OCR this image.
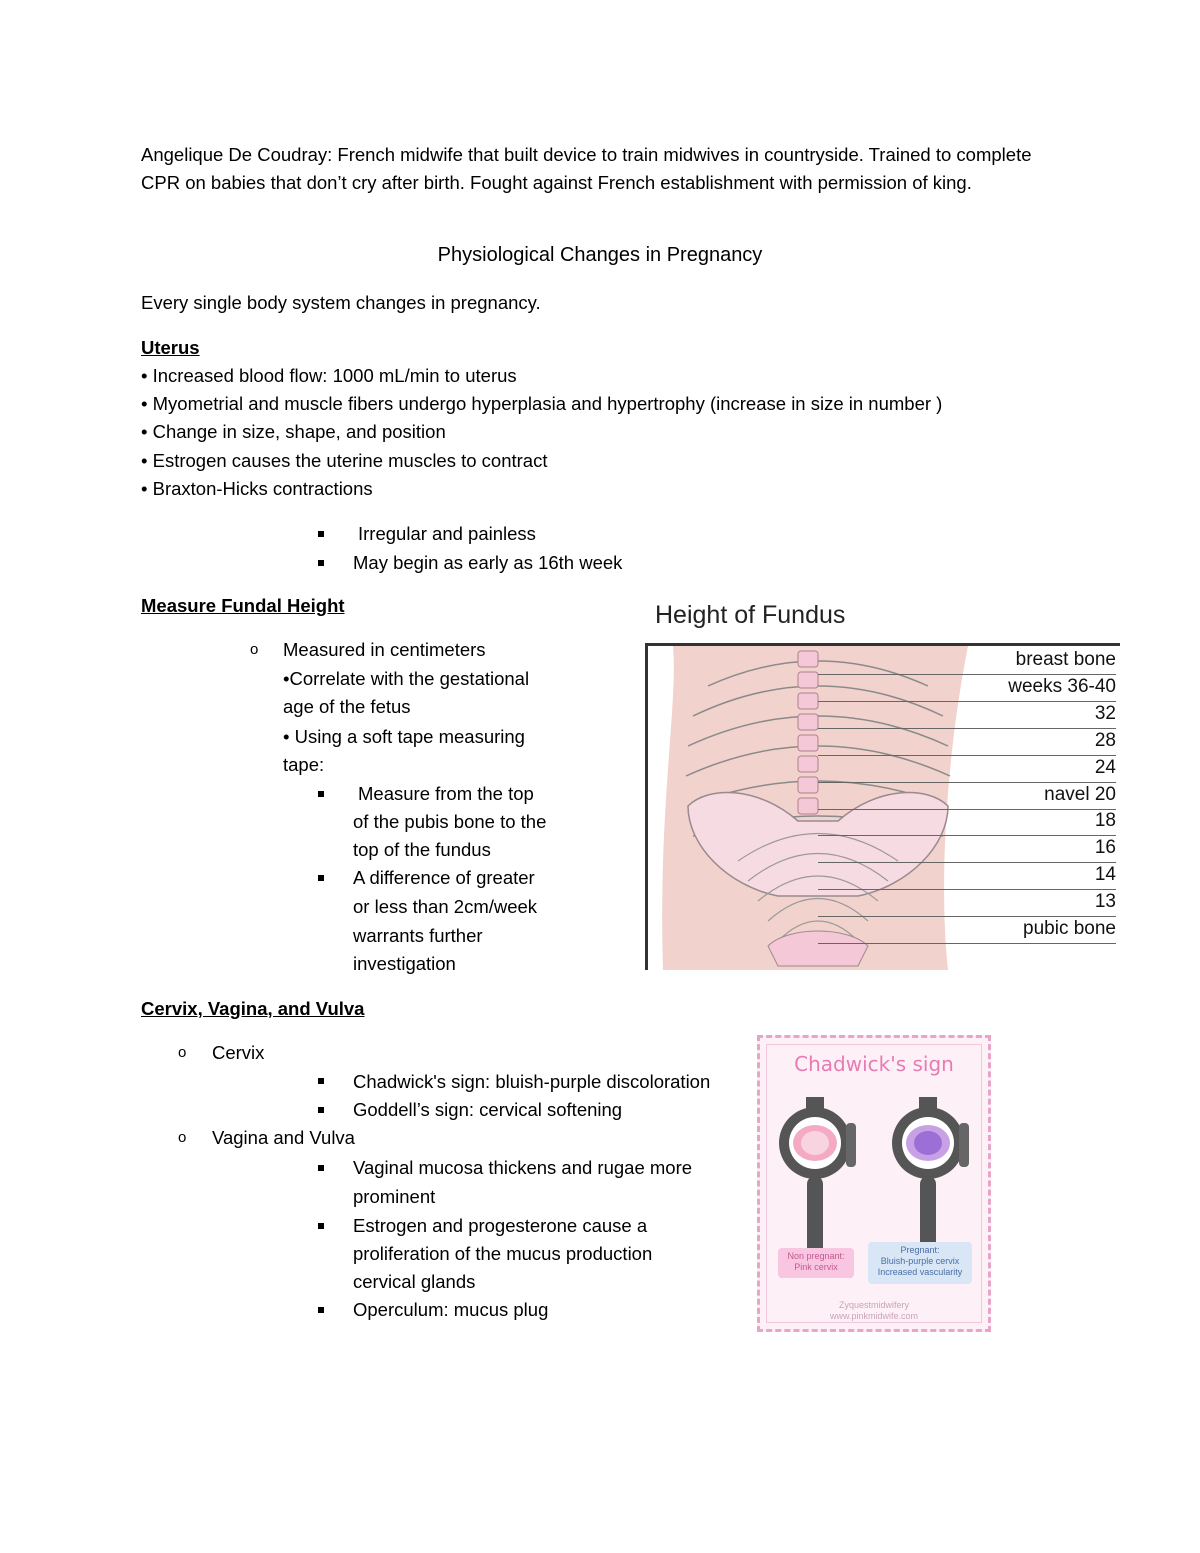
Angelique De Coudray: French midwife that built device to train midwives in countryside. Trained to complete CPR on babies that don’t cry after birth. Fought against French establishment with permission of king.
Physiological Changes in Pregnancy
Every single body system changes in pregnancy.
Uterus
• Increased blood flow: 1000 mL/min to uterus
• Myometrial and muscle fibers undergo hyperplasia and hypertrophy (increase in size in number )
• Change in size, shape, and position
• Estrogen causes the uterine muscles to contract
• Braxton-Hicks contractions
Irregular and painless
May begin as early as 16th week
Measure Fundal Height
o Measured in centimeters
•Correlate with the gestational
age of the fetus
• Using a soft tape measuring
tape:
Measure from the top
of the pubis bone to the
top of the fundus
A difference of greater
or less than 2cm/week
warrants further
investigation
Height of Fundus
breast bone
weeks 36-40
32
28
24
navel 20
18
16
14
13
pubic bone
Cervix, Vagina, and Vulva
o Cervix
Chadwick's sign: bluish-purple discoloration
Goddell’s sign: cervical softening
o Vagina and Vulva
Vaginal mucosa thickens and rugae more
prominent
Estrogen and progesterone cause a
proliferation of the mucus production
cervical glands
Operculum: mucus plug
Chadwick's sign
Non pregnant:
Pink cervix
Pregnant:
Bluish-purple cervix
Increased vascularity
Zyquestmidwifery
www.pinkmidwife.com
